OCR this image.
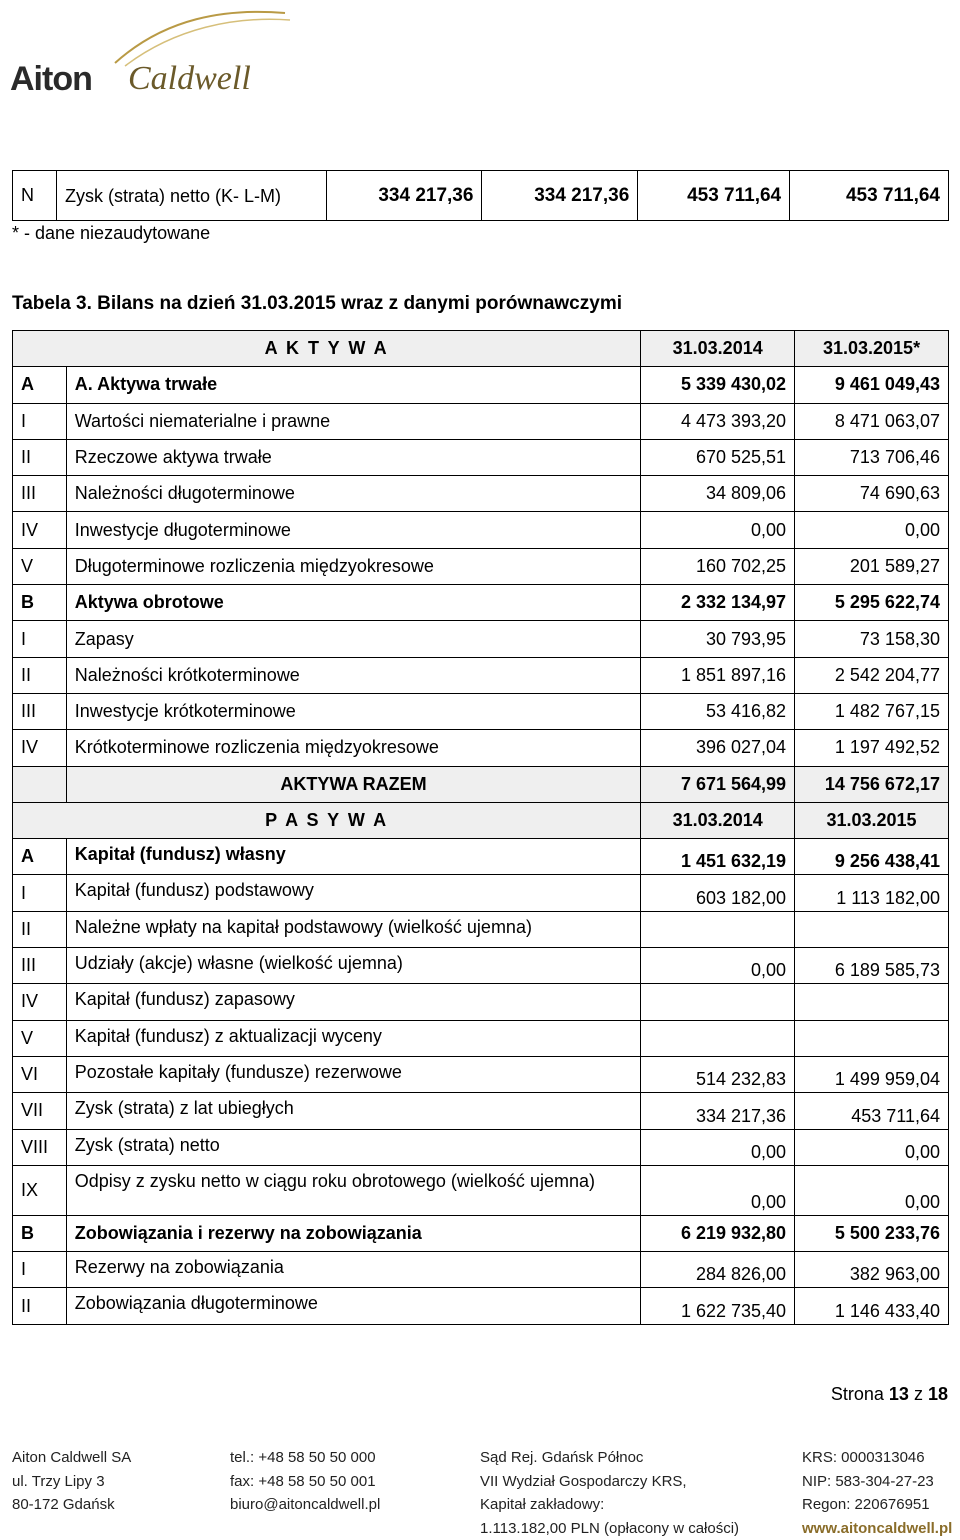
Aiton Caldwell
N	Zysk (strata) netto (K- L-M)	334 217,36	334 217,36	453 711,64	453 711,64
* - dane niezaudytowane
Tabela 3. Bilans na dzień 31.03.2015 wraz z danymi porównawczymi
A K T Y W A		31.03.2014	31.03.2015*
A	A. Aktywa trwałe	5 339 430,02	9 461 049,43
I	Wartości niematerialne i prawne	4 473 393,20	8 471 063,07
II	Rzeczowe aktywa trwałe	670 525,51	713 706,46
III	Należności długoterminowe	34 809,06	74 690,63
IV	Inwestycje długoterminowe	0,00	0,00
V	Długoterminowe rozliczenia międzyokresowe	160 702,25	201 589,27
B	Aktywa obrotowe	2 332 134,97	5 295 622,74
I	Zapasy	30 793,95	73 158,30
II	Należności krótkoterminowe	1 851 897,16	2 542 204,77
III	Inwestycje krótkoterminowe	53 416,82	1 482 767,15
IV	Krótkoterminowe rozliczenia międzyokresowe	396 027,04	1 197 492,52
	AKTYWA RAZEM	7 671 564,99	14 756 672,17
P A S Y W A		31.03.2014	31.03.2015
A	Kapitał (fundusz) własny	1 451 632,19	9 256 438,41
I	Kapitał (fundusz) podstawowy	603 182,00	1 113 182,00
II	Należne wpłaty na kapitał podstawowy (wielkość ujemna)		
III	Udziały (akcje) własne (wielkość ujemna)	0,00	6 189 585,73
IV	Kapitał (fundusz) zapasowy		
V	Kapitał (fundusz) z aktualizacji wyceny		
VI	Pozostałe kapitały (fundusze) rezerwowe	514 232,83	1 499 959,04
VII	Zysk (strata) z lat ubiegłych	334 217,36	453 711,64
VIII	Zysk (strata) netto	0,00	0,00
IX	Odpisy z zysku netto w ciągu roku obrotowego (wielkość ujemna)	0,00	0,00
B	Zobowiązania i rezerwy na zobowiązania	6 219 932,80	5 500 233,76
I	Rezerwy na zobowiązania	284 826,00	382 963,00
II	Zobowiązania długoterminowe	1 622 735,40	1 146 433,40
Strona 13 z 18
Aiton Caldwell SA
ul. Trzy Lipy 3
80-172 Gdańsk
tel.: +48 58 50 50 000
fax: +48 58 50 50 001
biuro@aitoncaldwell.pl
Sąd Rej. Gdańsk Północ
VII Wydział Gospodarczy KRS,
Kapitał zakładowy:
1.113.182,00 PLN (opłacony w całości)
KRS: 0000313046
NIP: 583-304-27-23
Regon: 220676951
www.aitoncaldwell.pl
